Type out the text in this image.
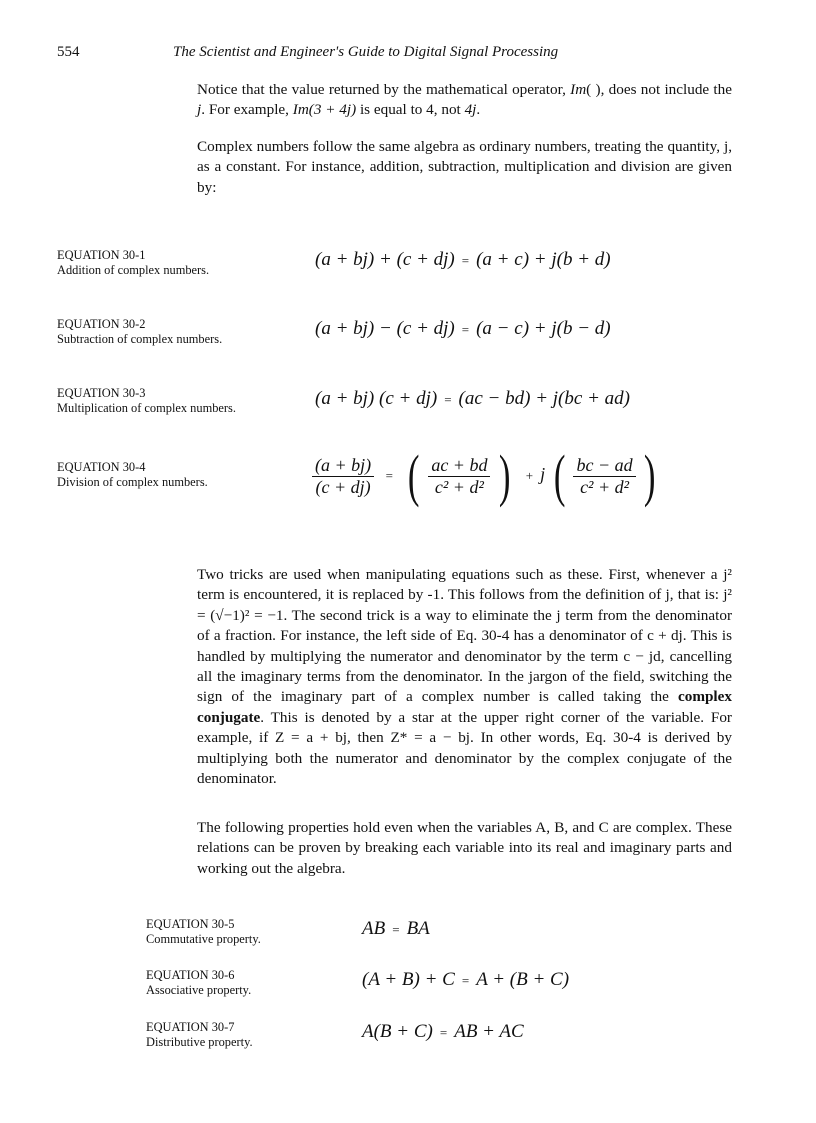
554	The Scientist and Engineer's Guide to Digital Signal Processing

Notice that the value returned by the mathematical operator, Im( ), does not include the j. For example, Im(3 + 4j) is equal to 4, not 4j.

Complex numbers follow the same algebra as ordinary numbers, treating the quantity, j, as a constant. For instance, addition, subtraction, multiplication and division are given by:

EQUATION 30-1
Addition of complex numbers.	(a + bj) + (c + dj) = (a + c) + j(b + d)
EQUATION 30-2
Subtraction of complex numbers.	(a + bj) − (c + dj) = (a − c) + j(b − d)
EQUATION 30-3
Multiplication of complex numbers.	(a + bj) (c + dj) = (ac − bd) + j(bc + ad)
EQUATION 30-4
Division of complex numbers.	$\frac{(a + bj)}{(c + dj)}$ = ( $\frac{ac + bd}{\text{c² + d²}}$ ) + j ( $\frac{bc - ad}{\text{c² + d²}}$ )

Two tricks are used when manipulating equations such as these. First, whenever a j² term is encountered, it is replaced by -1. This follows from the definition of j, that is: j² = (√−1)² = −1. The second trick is a way to eliminate the j term from the denominator of a fraction. For instance, the left side of Eq. 30-4 has a denominator of c + dj. This is handled by multiplying the numerator and denominator by the term c − jd, cancelling all the imaginary terms from the denominator. In the jargon of the field, switching the sign of the imaginary part of a complex number is called taking the complex conjugate. This is denoted by a star at the upper right corner of the variable. For example, if Z = a + bj, then Z* = a − bj. In other words, Eq. 30-4 is derived by multiplying both the numerator and denominator by the complex conjugate of the denominator.

The following properties hold even when the variables A, B, and C are complex. These relations can be proven by breaking each variable into its real and imaginary parts and working out the algebra.

EQUATION 30-5
Commutative property.	AB = BA
EQUATION 30-6
Associative property.	(A + B) + C = A + (B + C)
EQUATION 30-7
Distributive property.	A(B + C) = AB + AC
